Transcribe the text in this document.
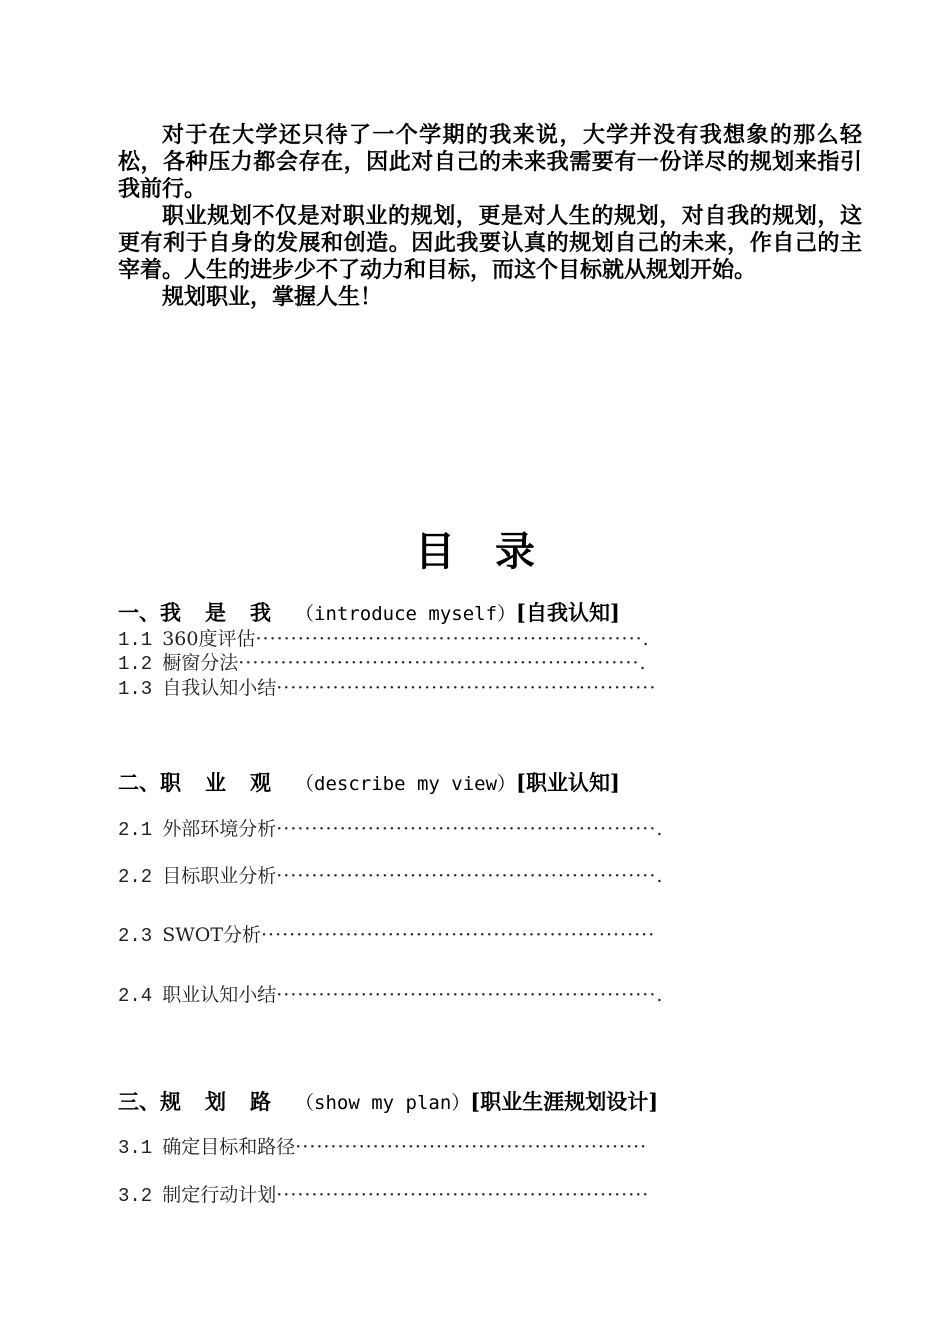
对于在大学还只待了一个学期的我来说，大学并没有我想象的那么轻松，各种压力都会存在，因此对自己的未来我需要有一份详尽的规划来指引我前行。

职业规划不仅是对职业的规划，更是对人生的规划，对自我的规划，这更有利于自身的发展和创造。因此我要认真的规划自己的未来，作自己的主宰着。人生的进步少不了动力和目标，而这个目标就从规划开始。

规划职业，掌握人生！

目录
一、我是我（introduce myself）[自我认知]
1.1 360度评估·······················································.
1.2 橱窗分法·························································.
1.3 自我认知小结······················································
二、职业观（describe my view）[职业认知]
2.1 外部环境分析······················································.
2.2 目标职业分析······················································.
2.3 SWOT分析························································
2.4 职业认知小结······················································.
三、规划路（show my plan）[职业生涯规划设计]
3.1 确定目标和路径··················································
3.2 制定行动计划·····················································
